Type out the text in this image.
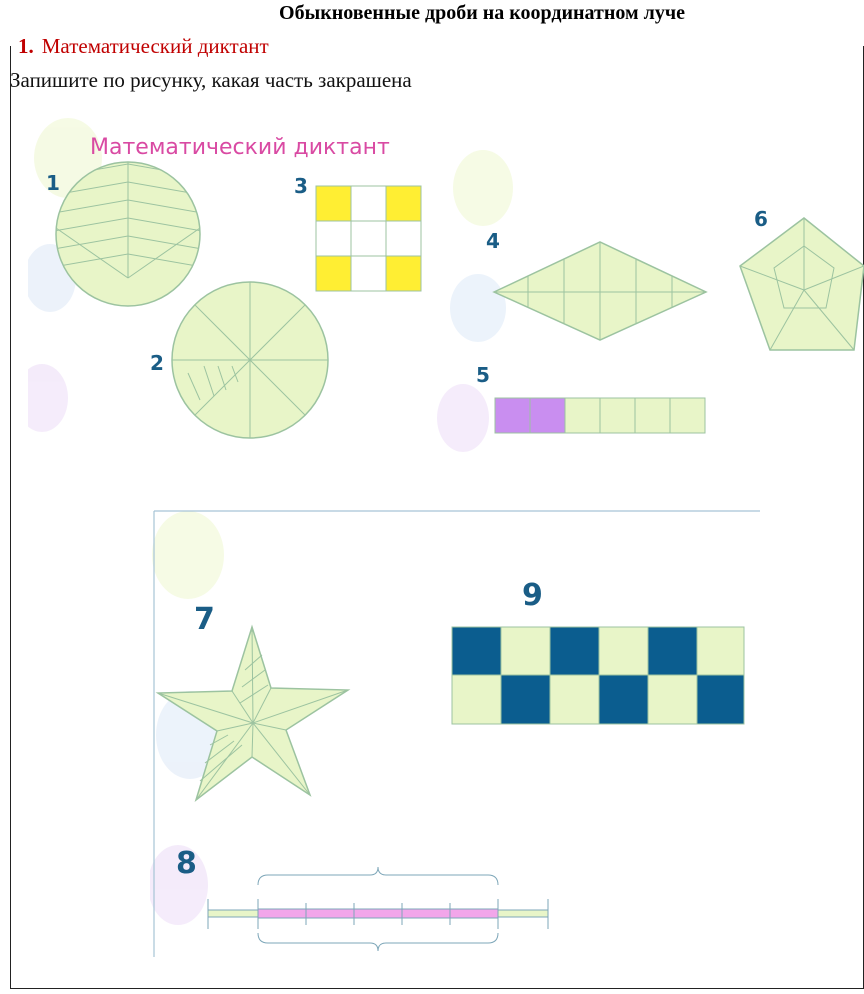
Обыкновенные дроби на координатном луче
1. Математический диктант
Запишите по рисунку, какая часть закрашена
Математический диктант
1
2
3
4
5
6
7
9
8
